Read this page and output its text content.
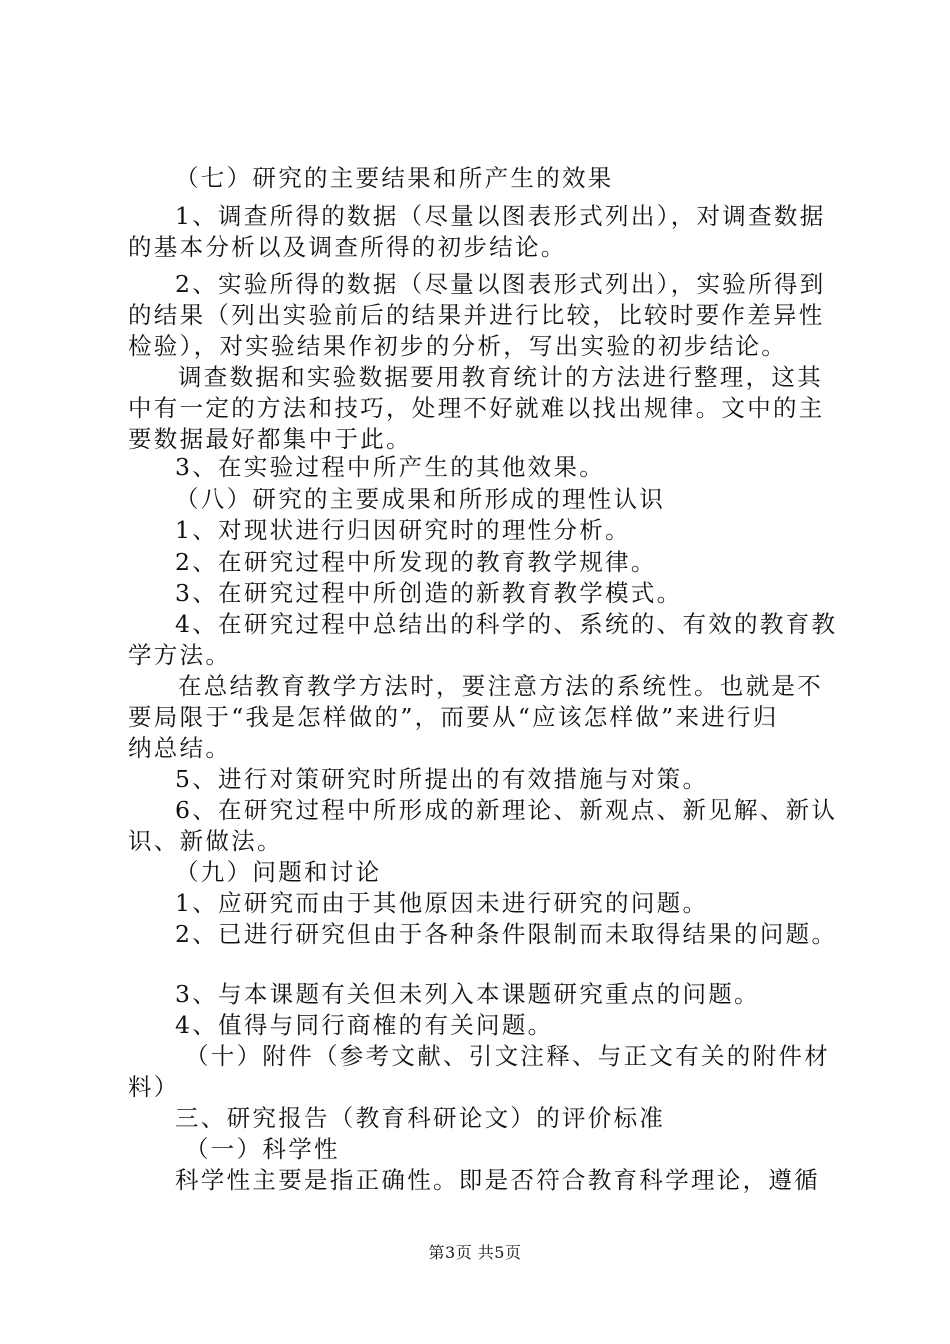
（七）研究的主要结果和所产生的效果
1、调查所得的数据（尽量以图表形式列出），对调查数据
的基本分析以及调查所得的初步结论。
2、实验所得的数据（尽量以图表形式列出），实验所得到
的结果（列出实验前后的结果并进行比较，比较时要作差异性
检验），对实验结果作初步的分析，写出实验的初步结论。
调查数据和实验数据要用教育统计的方法进行整理，这其
中有一定的方法和技巧，处理不好就难以找出规律。文中的主
要数据最好都集中于此。
3、在实验过程中所产生的其他效果。
（八）研究的主要成果和所形成的理性认识
1、对现状进行归因研究时的理性分析。
2、在研究过程中所发现的教育教学规律。
3、在研究过程中所创造的新教育教学模式。
4、在研究过程中总结出的科学的、系统的、有效的教育教
学方法。
在总结教育教学方法时，要注意方法的系统性。也就是不
要局限于“我是怎样做的”，而要从“应该怎样做”来进行归
纳总结。
5、进行对策研究时所提出的有效措施与对策。
6、在研究过程中所形成的新理论、新观点、新见解、新认
识、新做法。
（九）问题和讨论
1、应研究而由于其他原因未进行研究的问题。
2、已进行研究但由于各种条件限制而未取得结果的问题。
3、与本课题有关但未列入本课题研究重点的问题。
4、值得与同行商榷的有关问题。
（十）附件（参考文献、引文注释、与正文有关的附件材
料）
三、研究报告（教育科研论文）的评价标准
（一）科学性
科学性主要是指正确性。即是否符合教育科学理论，遵循
第3页 共5页
